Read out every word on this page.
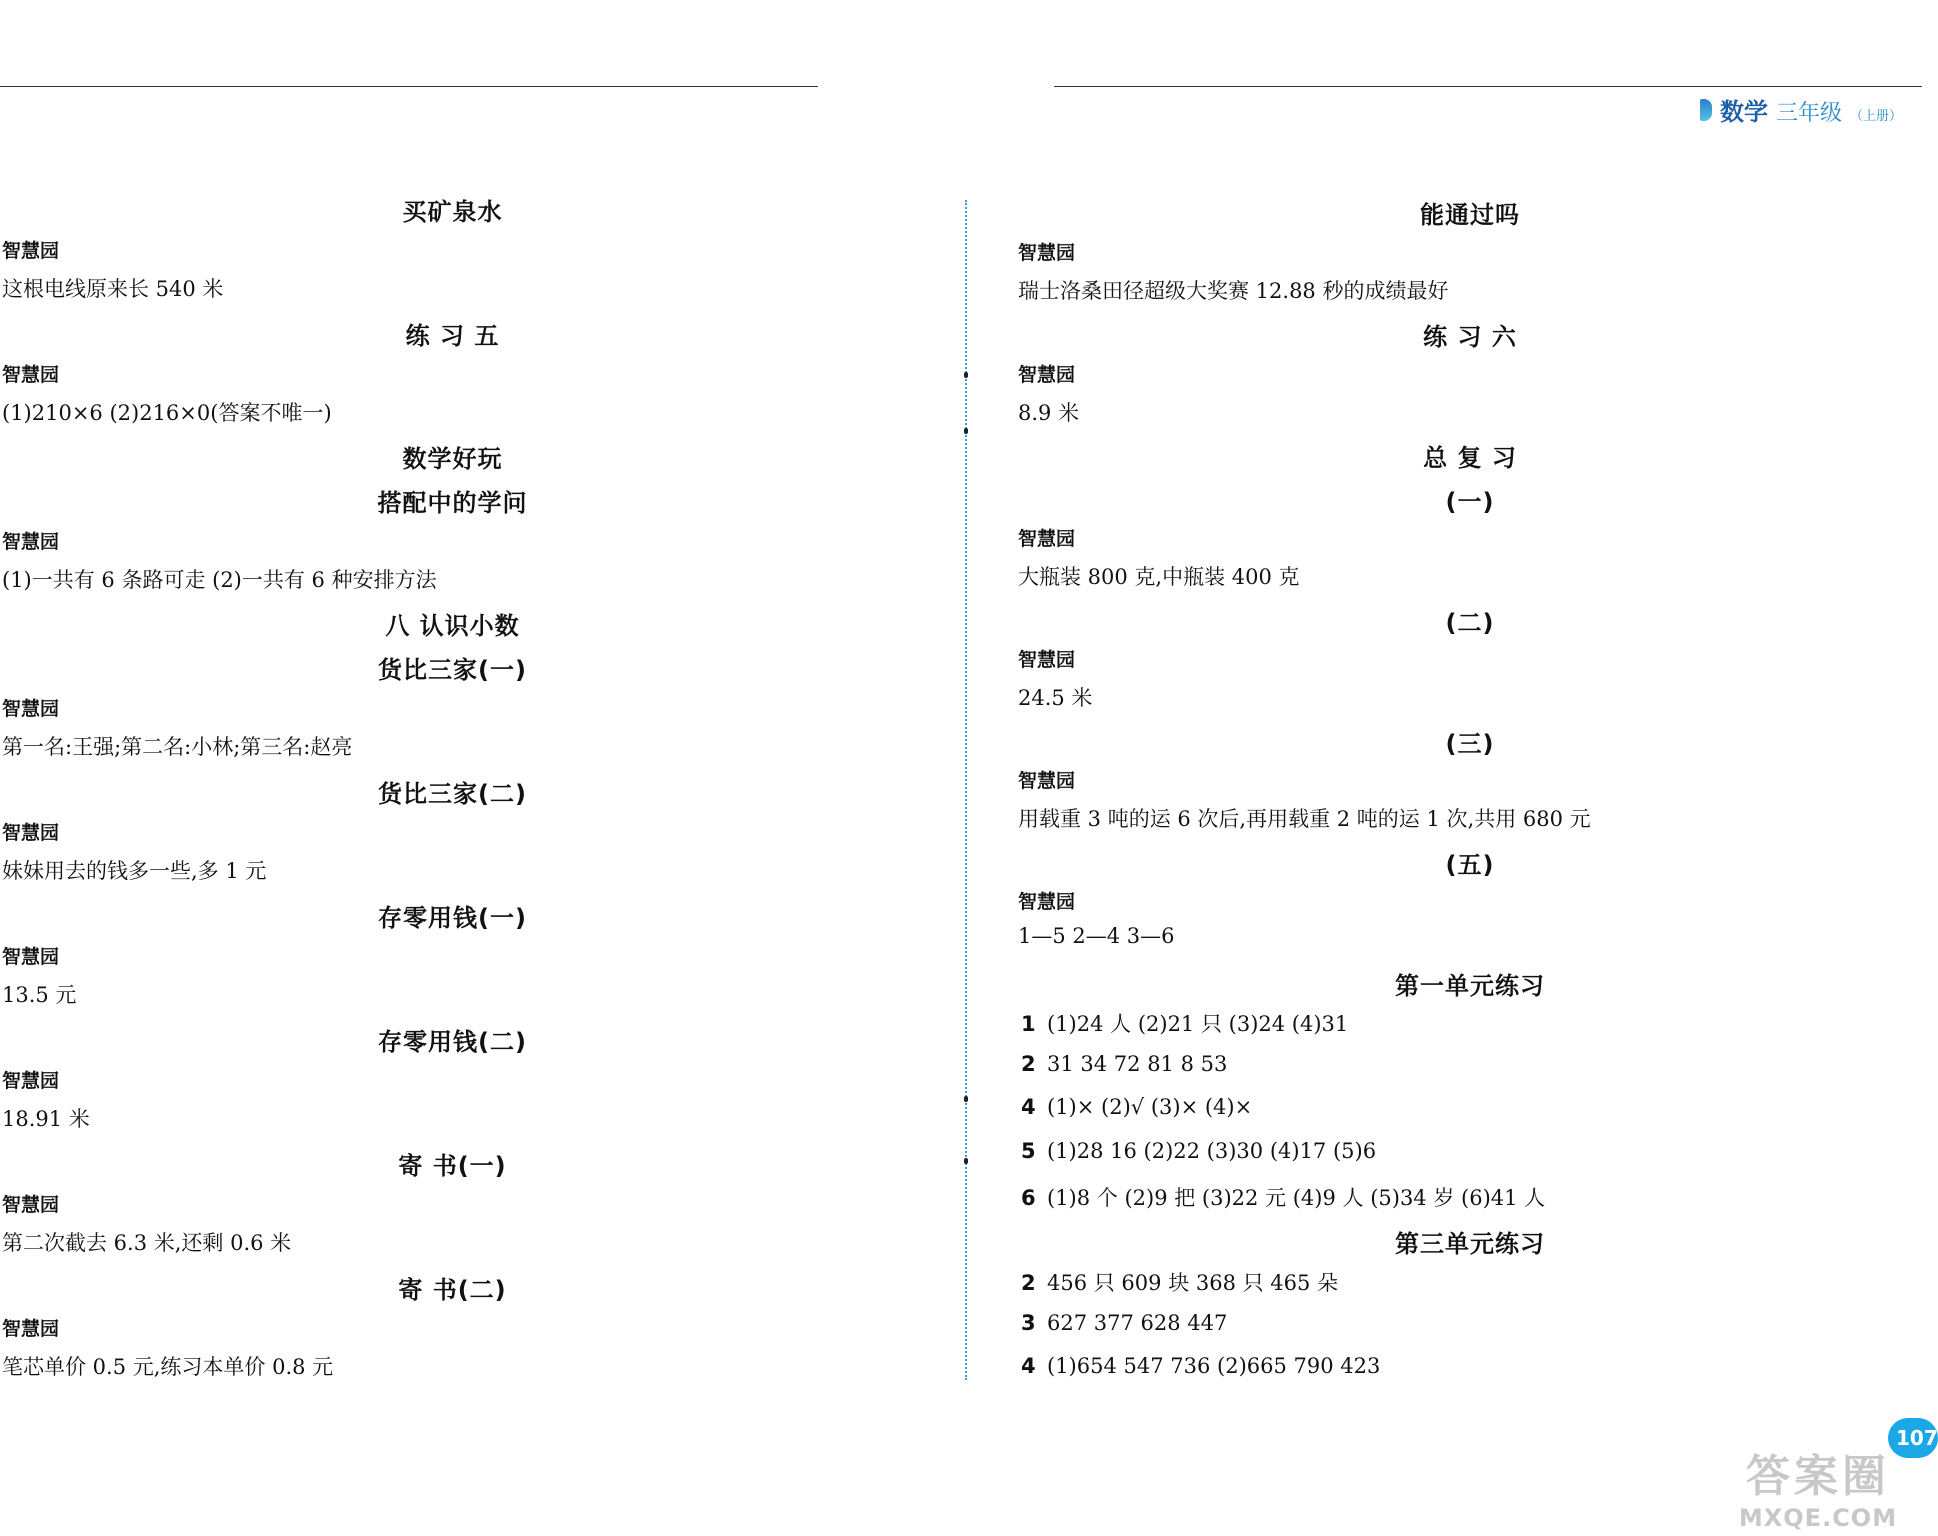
数学 三年级 （上册）
买矿泉水
智慧园
这根电线原来长 540 米
练 习 五
智慧园
(1)210×6 (2)216×0(答案不唯一)
数学好玩
搭配中的学问
智慧园
(1)一共有 6 条路可走 (2)一共有 6 种安排方法
八 认识小数
货比三家(一)
智慧园
第一名:王强;第二名:小林;第三名:赵亮
货比三家(二)
智慧园
妹妹用去的钱多一些,多 1 元
存零用钱(一)
智慧园
13.5 元
存零用钱(二)
智慧园
18.91 米
寄 书(一)
智慧园
第二次截去 6.3 米,还剩 0.6 米
寄 书(二)
智慧园
笔芯单价 0.5 元,练习本单价 0.8 元
能通过吗
智慧园
瑞士洛桑田径超级大奖赛 12.88 秒的成绩最好
练 习 六
智慧园
8.9 米
总 复 习
(一)
智慧园
大瓶装 800 克,中瓶装 400 克
(二)
智慧园
24.5 米
(三)
智慧园
用载重 3 吨的运 6 次后,再用载重 2 吨的运 1 次,共用 680 元
(五)
智慧园
1—5 2—4 3—6
第一单元练习
1 (1)24 人 (2)21 只 (3)24 (4)31
2 31 34 72 81 8 53
4 (1)× (2)√ (3)× (4)×
5 (1)28 16 (2)22 (3)30 (4)17 (5)6
6 (1)8 个 (2)9 把 (3)22 元 (4)9 人 (5)34 岁 (6)41 人
第三单元练习
2 456 只 609 块 368 只 465 朵
3 627 377 628 447
4 (1)654 547 736 (2)665 790 423
107
答案圈
MXQE.COM
